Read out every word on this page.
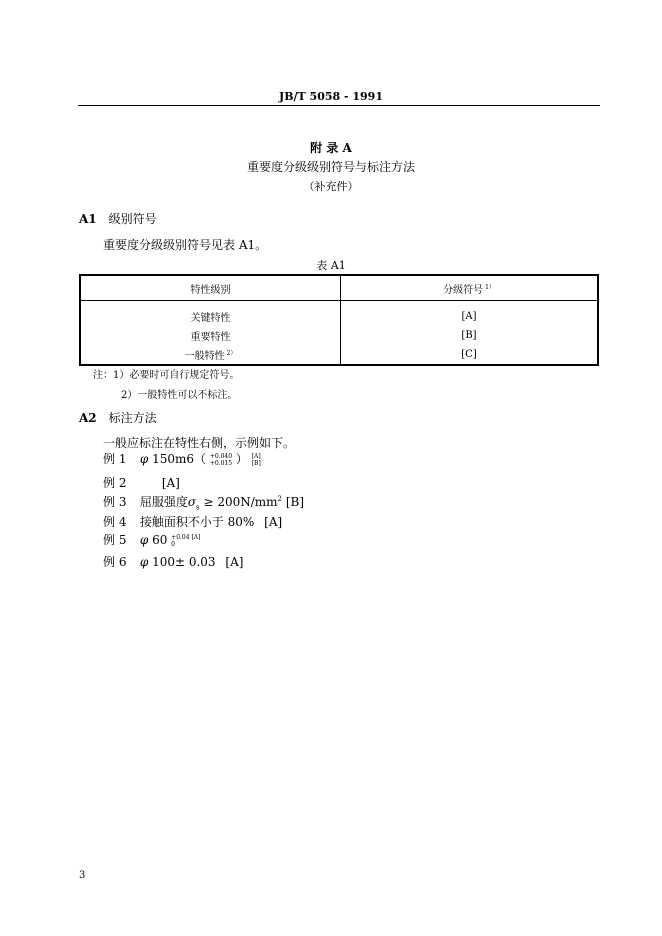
JB/T 5058 - 1991
附 录 A
重要度分级级别符号与标注方法
（补充件）
A1 级别符号
重要度分级级别符号见表 A1。
表 A1
特性级别	分级符号 $^{1)}$
关键特性	[A]
重要特性	[B]
一般特性 $^{2)}$	[C]
注：1）必要时可自行规定符号。
2）一般特性可以不标注。
A2 标注方法
一般应标注在特性右侧，示例如下。
例 1 φ 150m6（ +0.040
+0.015 ） [A]
[B]
例 2	[A]
例 3 屈服强度$\sigma_s \ge 200N/mm^2$ [B]
例 4 接触面积不小于 80% [A]
例 5 φ 60 +0.04 [A]
0
例 6 φ 100± 0.03 [A]
3
